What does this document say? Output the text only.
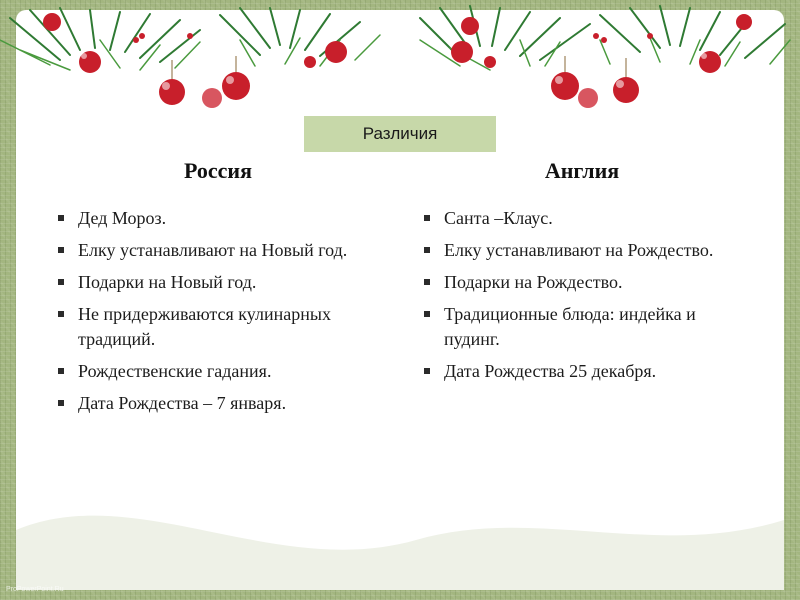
Различия
Россия	Англия
Дед Мороз.
Елку устанавливают на Новый год.
Подарки на Новый год.
Не придерживаются кулинарных традиций.
Рождественские гадания.
Дата Рождества – 7 января.
Санта –Клаус.
Елку устанавливают на Рождество.
Подарки на Рождество.
Традиционные блюда: индейка и пудинг.
Дата Рождества 25 декабря.
ProPowerPoint.Ru
